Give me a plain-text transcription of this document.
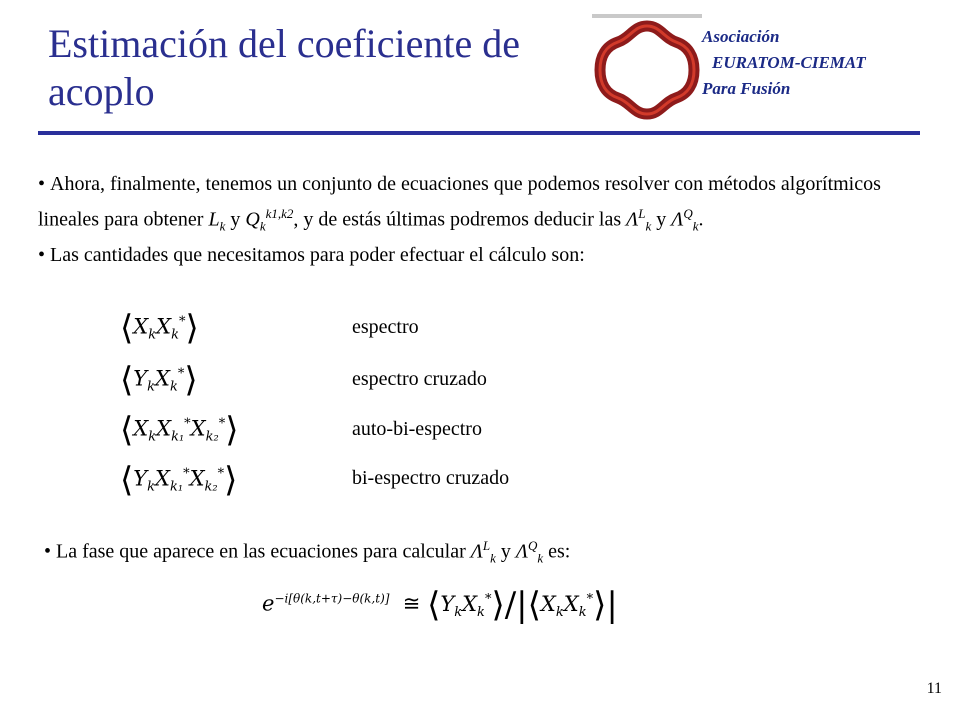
Estimación del coeficiente de acoplo
Asociación
EURATOM-CIEMAT
Para Fusión

• Ahora, finalmente, tenemos un conjunto de ecuaciones que podemos resolver con métodos algorítmicos lineales para obtener $L_k$ y $Q_k^{k1,k2}$, y de estás últimas podremos deducir las $\Lambda^L_k$ y $\Lambda^Q_k$.

• Las cantidades que necesitamos para poder efectuar el cálculo son:

$⟨X_kX_k^*⟩$	espectro
$⟨Y_kX_k^*⟩$	espectro cruzado
$⟨X_kX_{k_1}^*X_{k_2}^*⟩$	auto-bi-espectro
$⟨Y_kX_{k_1}^*X_{k_2}^*⟩$	bi-espectro cruzado
• La fase que aparece en las ecuaciones para calcular $\Lambda^L_k$ y $\Lambda^Q_k$ es:
$e^{-i[\theta(k,t+\tau)-\theta(k,t)]}$  ≅ $⟨Y_kX_k^*⟩/|⟨X_kX_k^*⟩|$
11
